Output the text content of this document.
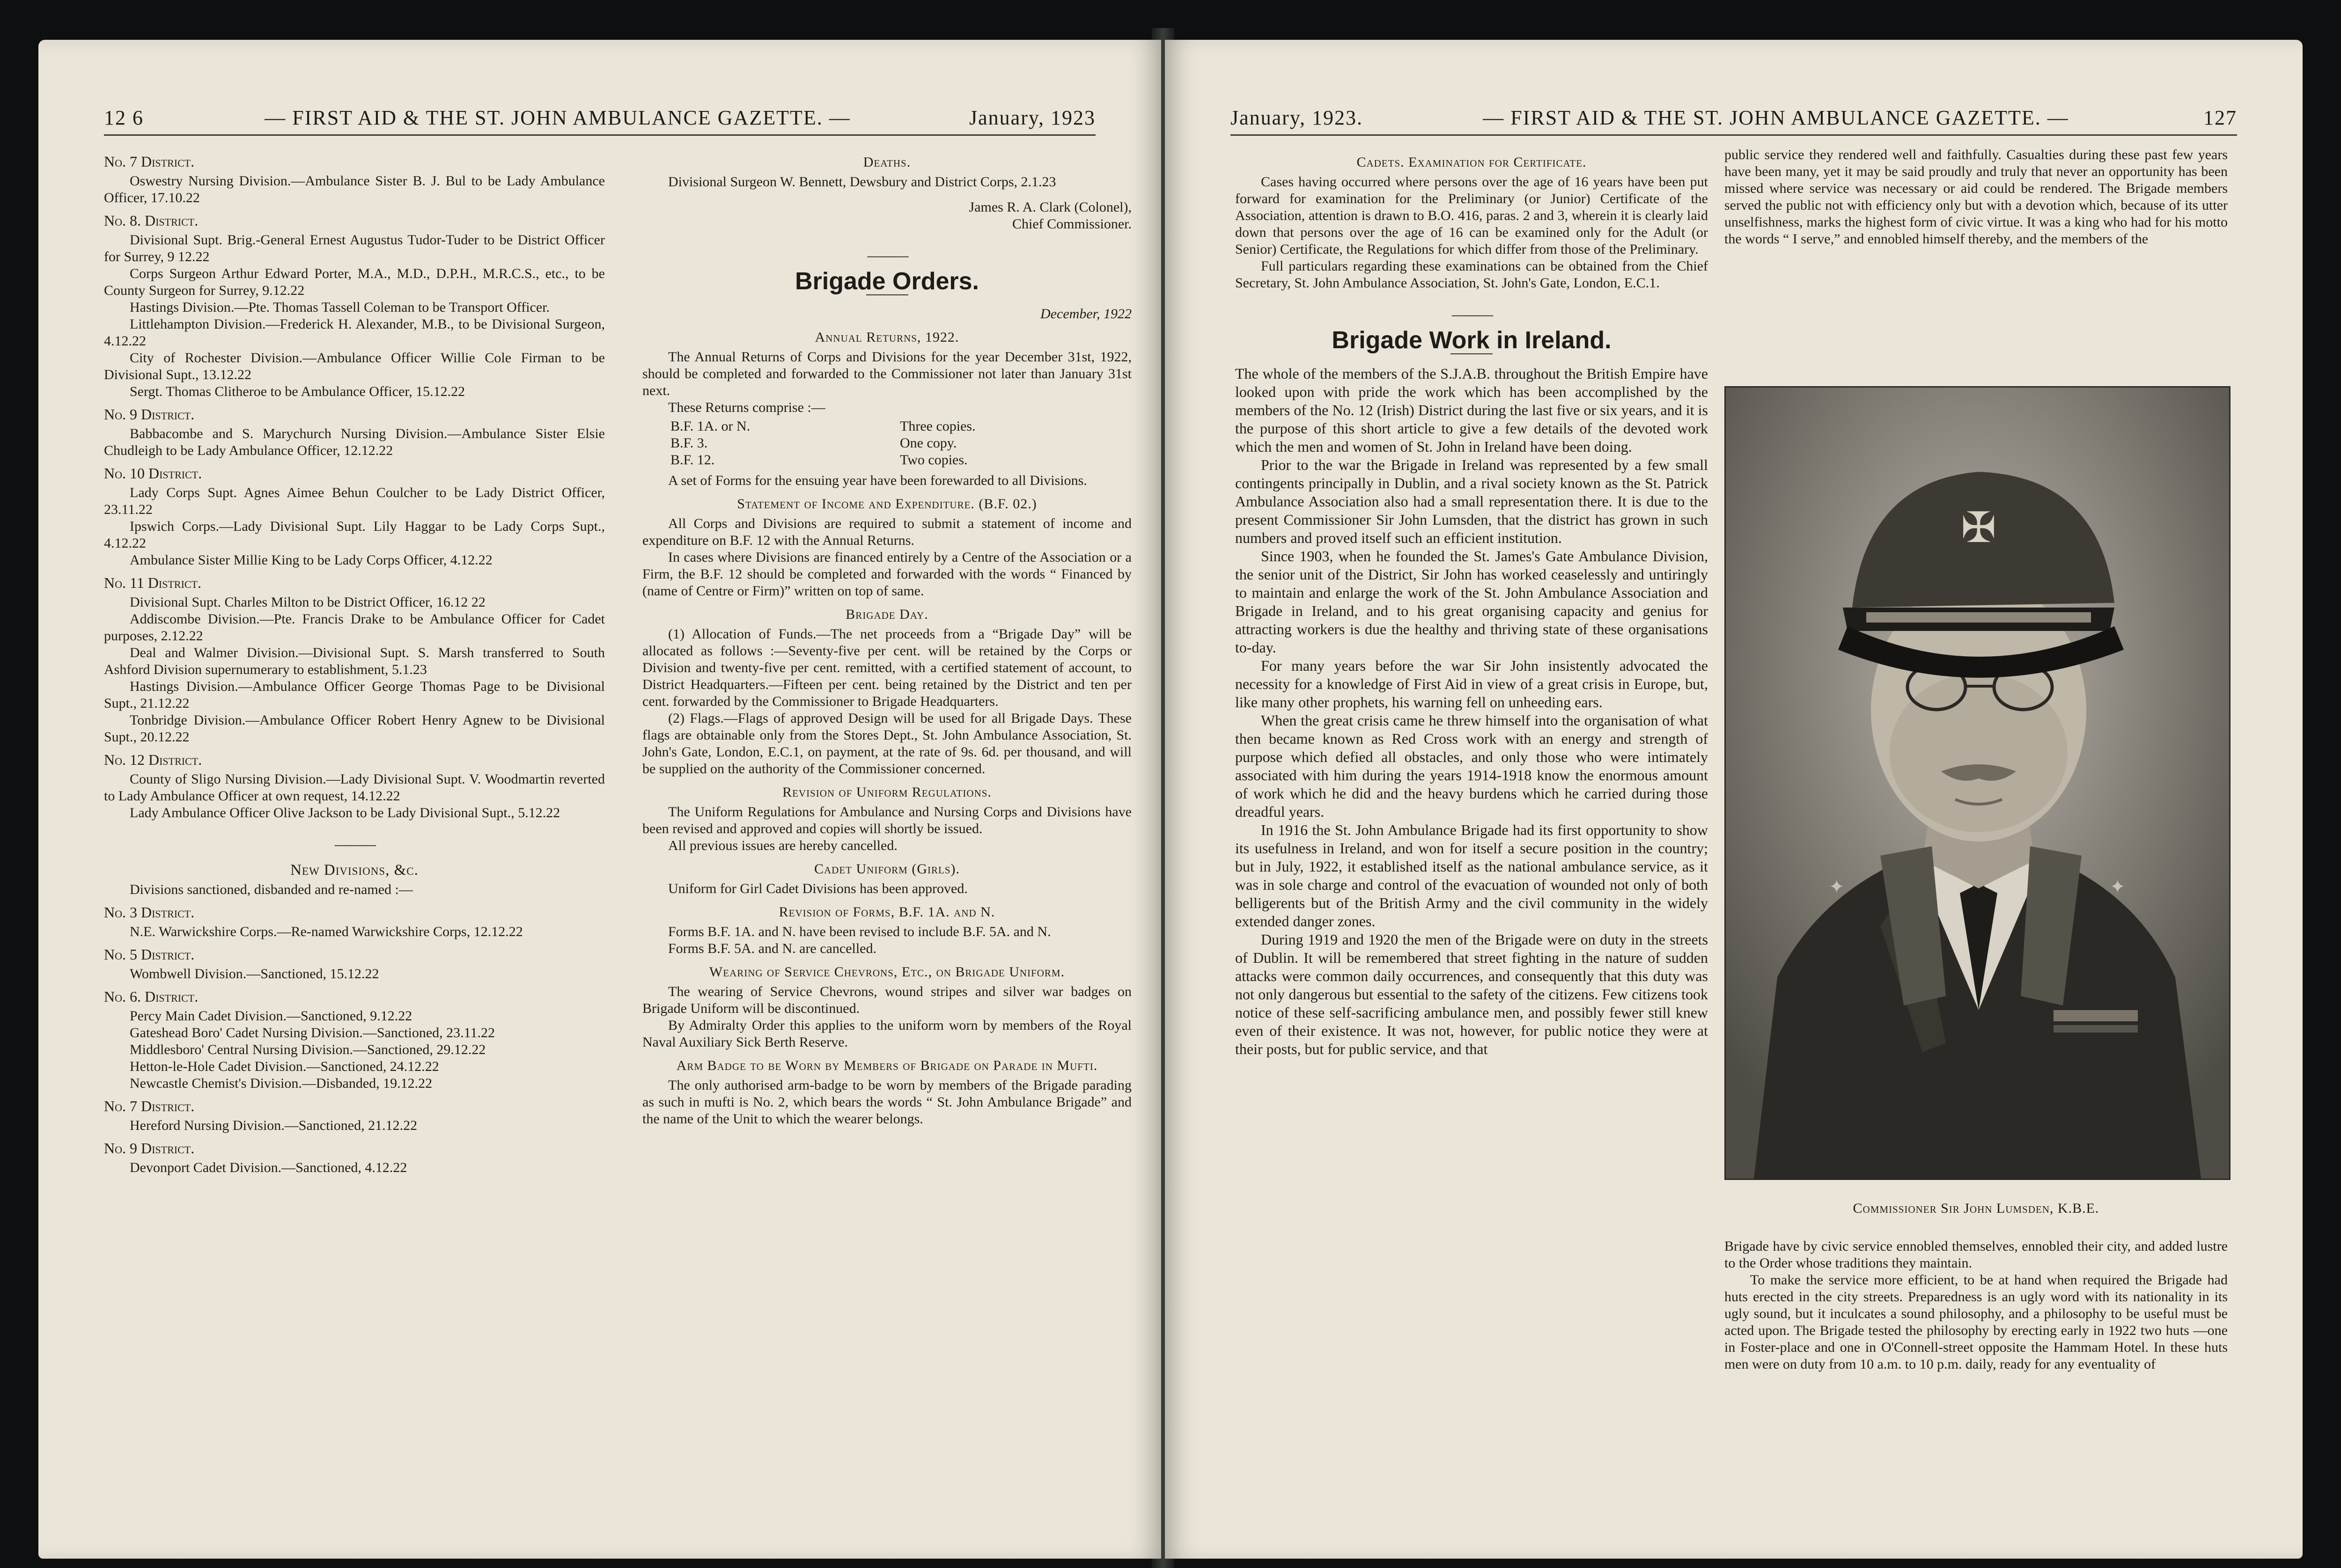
12 6	— FIRST AID & THE ST. JOHN AMBULANCE GAZETTE. —	January, 1923
No. 7 District.

Oswestry Nursing Division.—Ambulance Sister B. J. Bul to be Lady Ambulance Officer, 17.10.22

No. 8. District.

Divisional Supt. Brig.-General Ernest Augustus Tudor-Tuder to be District Officer for Surrey, 9 12.22

Corps Surgeon Arthur Edward Porter, M.A., M.D., D.P.H., M.R.C.S., etc., to be County Surgeon for Surrey, 9.12.22

Hastings Division.—Pte. Thomas Tassell Coleman to be Transport Officer.

Littlehampton Division.—Frederick H. Alexander, M.B., to be Divisional Surgeon, 4.12.22

City of Rochester Division.—Ambulance Officer Willie Cole Firman to be Divisional Supt., 13.12.22

Sergt. Thomas Clitheroe to be Ambulance Officer, 15.12.22

No. 9 District.

Babbacombe and S. Marychurch Nursing Division.—Ambulance Sister Elsie Chudleigh to be Lady Ambulance Officer, 12.12.22

No. 10 District.

Lady Corps Supt. Agnes Aimee Behun Coulcher to be Lady District Officer, 23.11.22

Ipswich Corps.—Lady Divisional Supt. Lily Haggar to be Lady Corps Supt., 4.12.22

Ambulance Sister Millie King to be Lady Corps Officer, 4.12.22

No. 11 District.

Divisional Supt. Charles Milton to be District Officer, 16.12 22

Addiscombe Division.—Pte. Francis Drake to be Ambulance Officer for Cadet purposes, 2.12.22

Deal and Walmer Division.—Divisional Supt. S. Marsh transferred to South Ashford Division supernumerary to establishment, 5.1.23

Hastings Division.—Ambulance Officer George Thomas Page to be Divisional Supt., 21.12.22

Tonbridge Division.—Ambulance Officer Robert Henry Agnew to be Divisional Supt., 20.12.22

No. 12 District.

County of Sligo Nursing Division.—Lady Divisional Supt. V. Woodmartin reverted to Lady Ambulance Officer at own request, 14.12.22

Lady Ambulance Officer Olive Jackson to be Lady Divisional Supt., 5.12.22

———
New Divisions, &c.

Divisions sanctioned, disbanded and re-named :—

No. 3 District.

N.E. Warwickshire Corps.—Re-named Warwickshire Corps, 12.12.22

No. 5 District.

Wombwell Division.—Sanctioned, 15.12.22

No. 6. District.

Percy Main Cadet Division.—Sanctioned, 9.12.22

Gateshead Boro' Cadet Nursing Division.—Sanctioned, 23.11.22

Middlesboro' Central Nursing Division.—Sanctioned, 29.12.22

Hetton-le-Hole Cadet Division.—Sanctioned, 24.12.22

Newcastle Chemist's Division.—Disbanded, 19.12.22

No. 7 District.

Hereford Nursing Division.—Sanctioned, 21.12.22

No. 9 District.

Devonport Cadet Division.—Sanctioned, 4.12.22

Deaths.

Divisional Surgeon W. Bennett, Dewsbury and District Corps, 2.1.23

James R. A. Clark (Colonel),
Chief Commissioner.
———
Brigade Orders.
December, 1922
Annual Returns, 1922.

The Annual Returns of Corps and Divisions for the year December 31st, 1922, should be completed and forwarded to the Commissioner not later than January 31st next.

These Returns comprise :—

B.F. 1A. or N.	Three copies.
B.F. 3.	One copy.
B.F. 12.	Two copies.

A set of Forms for the ensuing year have been forewarded to all Divisions.

Statement of Income and Expenditure. (B.F. 02.)

All Corps and Divisions are required to submit a statement of income and expenditure on B.F. 12 with the Annual Returns.

In cases where Divisions are financed entirely by a Centre of the Association or a Firm, the B.F. 12 should be completed and forwarded with the words “ Financed by (name of Centre or Firm)” written on top of same.

Brigade Day.

(1) Allocation of Funds.—The net proceeds from a “Brigade Day” will be allocated as follows :—Seventy-five per cent. will be retained by the Corps or Division and twenty-five per cent. remitted, with a certified statement of account, to District Headquarters.—Fifteen per cent. being retained by the District and ten per cent. forwarded by the Commissioner to Brigade Headquarters.

(2) Flags.—Flags of approved Design will be used for all Brigade Days. These flags are obtainable only from the Stores Dept., St. John Ambulance Association, St. John's Gate, London, E.C.1, on payment, at the rate of 9s. 6d. per thousand, and will be supplied on the authority of the Commissioner concerned.

Revision of Uniform Regulations.

The Uniform Regulations for Ambulance and Nursing Corps and Divisions have been revised and approved and copies will shortly be issued.

All previous issues are hereby cancelled.

Cadet Uniform (Girls).

Uniform for Girl Cadet Divisions has been approved.

Revision of Forms, B.F. 1A. and N.

Forms B.F. 1A. and N. have been revised to include B.F. 5A. and N.

Forms B.F. 5A. and N. are cancelled.

Wearing of Service Chevrons, Etc., on Brigade Uniform.

The wearing of Service Chevrons, wound stripes and silver war badges on Brigade Uniform will be discontinued.

By Admiralty Order this applies to the uniform worn by members of the Royal Naval Auxiliary Sick Berth Reserve.

Arm Badge to be Worn by Members of Brigade on Parade in Mufti.

The only authorised arm-badge to be worn by members of the Brigade parading as such in mufti is No. 2, which bears the words “ St. John Ambulance Brigade” and the name of the Unit to which the wearer belongs.

January, 1923.	— FIRST AID & THE ST. JOHN AMBULANCE GAZETTE. —	127
Cadets. Examination for Certificate.

Cases having occurred where persons over the age of 16 years have been put forward for examination for the Preliminary (or Junior) Certificate of the Association, attention is drawn to B.O. 416, paras. 2 and 3, wherein it is clearly laid down that persons over the age of 16 can be examined only for the Adult (or Senior) Certificate, the Regulations for which differ from those of the Preliminary.

Full particulars regarding these examinations can be obtained from the Chief Secretary, St. John Ambulance Association, St. John's Gate, London, E.C.1.

———
Brigade Work in Ireland.

The whole of the members of the S.J.A.B. throughout the British Empire have looked upon with pride the work which has been accomplished by the members of the No. 12 (Irish) District during the last five or six years, and it is the purpose of this short article to give a few details of the devoted work which the men and women of St. John in Ireland have been doing.

Prior to the war the Brigade in Ireland was represented by a few small contingents principally in Dublin, and a rival society known as the St. Patrick Ambulance Association also had a small representation there. It is due to the present Commissioner Sir John Lumsden, that the district has grown in such numbers and proved itself such an efficient institution.

Since 1903, when he founded the St. James's Gate Ambulance Division, the senior unit of the District, Sir John has worked ceaselessly and untiringly to maintain and enlarge the work of the St. John Ambulance Association and Brigade in Ireland, and to his great organising capacity and genius for attracting workers is due the healthy and thriving state of these organisations to-day.

For many years before the war Sir John insistently advocated the necessity for a knowledge of First Aid in view of a great crisis in Europe, but, like many other prophets, his warning fell on unheeding ears.

When the great crisis came he threw himself into the organisation of what then became known as Red Cross work with an energy and strength of purpose which defied all obstacles, and only those who were intimately associated with him during the years 1914-1918 know the enormous amount of work which he did and the heavy burdens which he carried during those dreadful years.

In 1916 the St. John Ambulance Brigade had its first opportunity to show its usefulness in Ireland, and won for itself a secure position in the country; but in July, 1922, it established itself as the national ambulance service, as it was in sole charge and control of the evacuation of wounded not only of both belligerents but of the British Army and the civil community in the widely extended danger zones.

During 1919 and 1920 the men of the Brigade were on duty in the streets of Dublin. It will be remembered that street fighting in the nature of sudden attacks were common daily occurrences, and consequently that this duty was not only dangerous but essential to the safety of the citizens. Few citizens took notice of these self-sacrificing ambulance men, and possibly fewer still knew even of their existence. It was not, however, for public notice they were at their posts, but for public service, and that

public service they rendered well and faithfully. Casualties during these past few years have been many, yet it may be said proudly and truly that never an opportunity has been missed where service was necessary or aid could be rendered. The Brigade members served the public not with efficiency only but with a devotion which, because of its utter unselfishness, marks the highest form of civic virtue. It was a king who had for his motto the words “ I serve,” and ennobled himself thereby, and the members of the

✠
✦	✦
Commissioner Sir John Lumsden, K.B.E.

Brigade have by civic service ennobled themselves, ennobled their city, and added lustre to the Order whose traditions they maintain.

To make the service more efficient, to be at hand when required the Brigade had huts erected in the city streets. Preparedness is an ugly word with its nationality in its ugly sound, but it inculcates a sound philosophy, and a philosophy to be useful must be acted upon. The Brigade tested the philosophy by erecting early in 1922 two huts —one in Foster-place and one in O'Connell-street opposite the Hammam Hotel. In these huts men were on duty from 10 a.m. to 10 p.m. daily, ready for any eventuality of
